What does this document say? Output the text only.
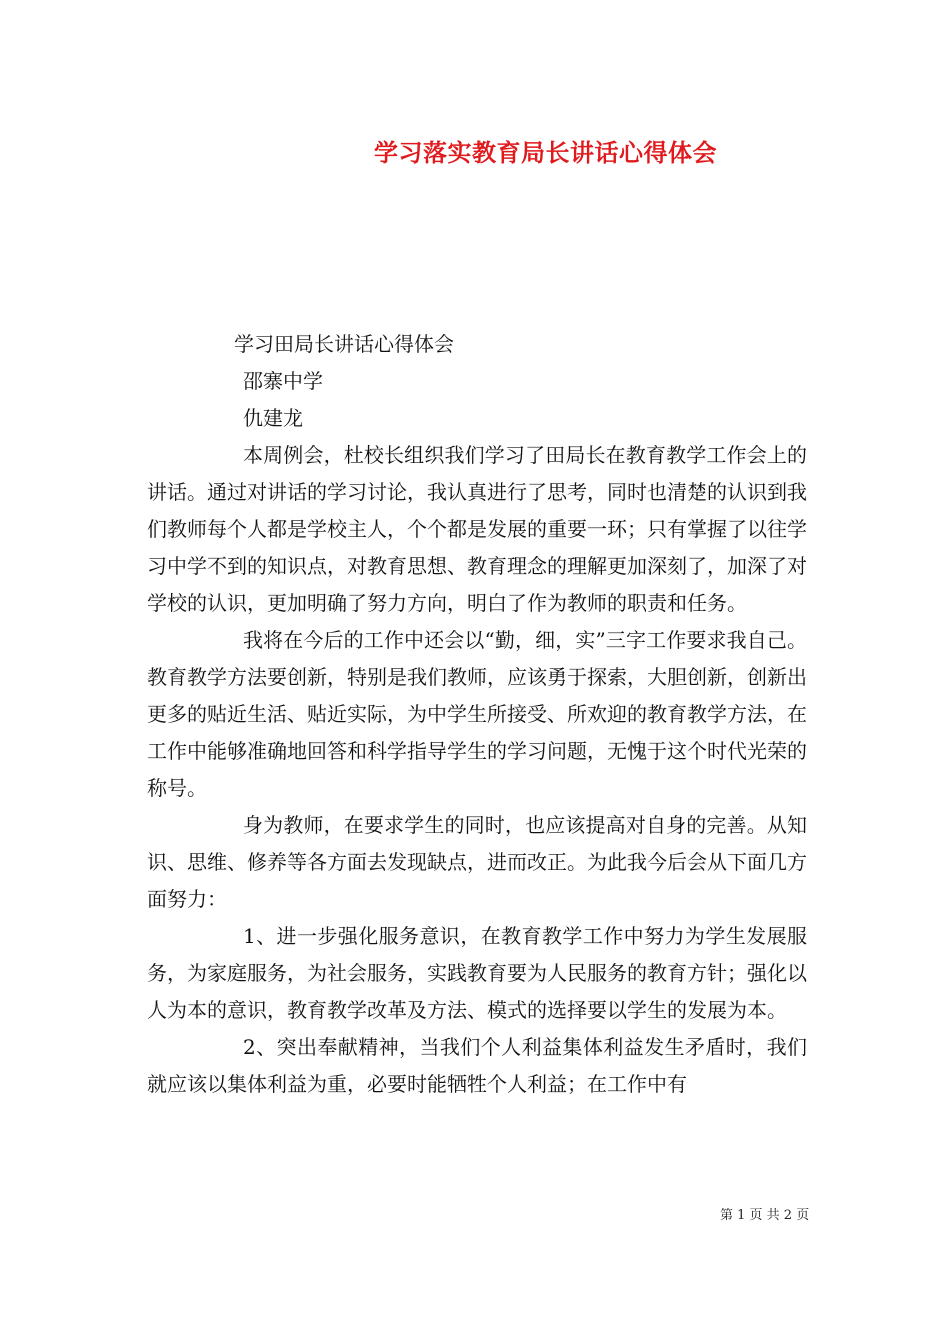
学习落实教育局长讲话心得体会

学习田局长讲话心得体会

邵寨中学

仇建龙

本周例会，杜校长组织我们学习了田局长在教育教学工作会上的讲话。通过对讲话的学习讨论，我认真进行了思考，同时也清楚的认识到我们教师每个人都是学校主人，个个都是发展的重要一环；只有掌握了以往学习中学不到的知识点，对教育思想、教育理念的理解更加深刻了，加深了对学校的认识，更加明确了努力方向，明白了作为教师的职责和任务。

我将在今后的工作中还会以“勤，细，实”三字工作要求我自己。教育教学方法要创新，特别是我们教师，应该勇于探索，大胆创新，创新出更多的贴近生活、贴近实际，为中学生所接受、所欢迎的教育教学方法，在工作中能够准确地回答和科学指导学生的学习问题，无愧于这个时代光荣的称号。

身为教师，在要求学生的同时，也应该提高对自身的完善。从知识、思维、修养等各方面去发现缺点，进而改正。为此我今后会从下面几方面努力：

1、进一步强化服务意识，在教育教学工作中努力为学生发展服务，为家庭服务，为社会服务，实践教育要为人民服务的教育方针；强化以人为本的意识，教育教学改革及方法、模式的选择要以学生的发展为本。

2、突出奉献精神，当我们个人利益集体利益发生矛盾时，我们就应该以集体利益为重，必要时能牺牲个人利益；在工作中有

第 1 页 共 2 页
